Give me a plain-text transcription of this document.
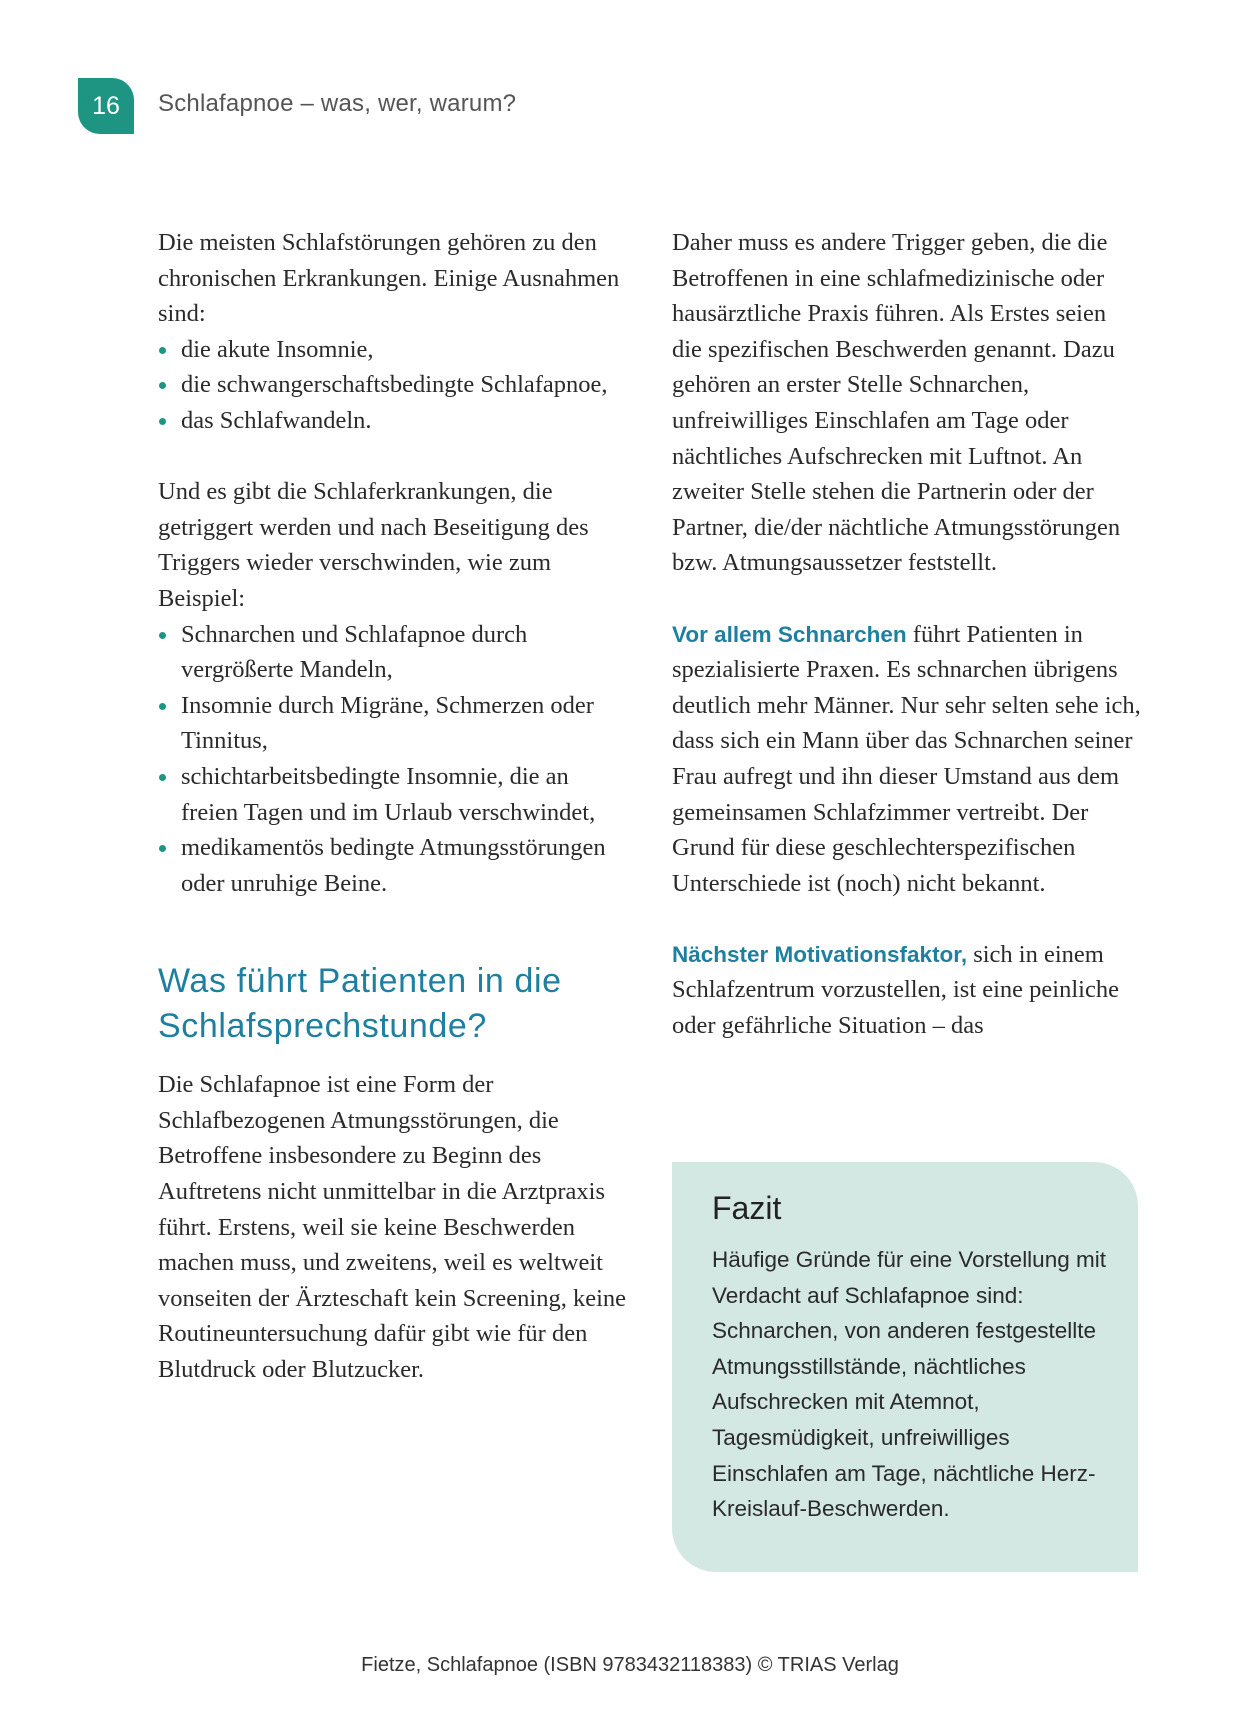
16 Schlafapnoe – was, wer, warum?

Die meisten Schlafstörungen gehören zu den chronischen Erkrankungen. Einige Ausnahmen sind:

die akute Insomnie,
die schwangerschaftsbedingte Schlafapnoe,
das Schlafwandeln.

Und es gibt die Schlaferkrankungen, die getriggert werden und nach Beseitigung des Triggers wieder verschwinden, wie zum Beispiel:

Schnarchen und Schlafapnoe durch vergrößerte Mandeln,
Insomnie durch Migräne, Schmerzen oder Tinnitus,
schichtarbeitsbedingte Insomnie, die an freien Tagen und im Urlaub verschwindet,
medikamentös bedingte Atmungsstörungen oder unruhige Beine.
Was führt Patienten in die Schlafsprechstunde?

Die Schlafapnoe ist eine Form der Schlafbezogenen Atmungsstörungen, die Betroffene insbesondere zu Beginn des Auftretens nicht unmittelbar in die Arztpraxis führt. Erstens, weil sie keine Beschwerden machen muss, und zweitens, weil es weltweit vonseiten der Ärzteschaft kein Screening, keine Routineuntersuchung dafür gibt wie für den Blutdruck oder Blutzucker.

Daher muss es andere Trigger geben, die die Betroffenen in eine schlafmedizinische oder hausärztliche Praxis führen. Als Erstes seien die spezifischen Beschwerden genannt. Dazu gehören an erster Stelle Schnarchen, unfreiwilliges Einschlafen am Tage oder nächtliches Aufschrecken mit Luftnot. An zweiter Stelle stehen die Partnerin oder der Partner, die/der nächtliche Atmungsstörungen bzw. Atmungsaussetzer feststellt.

Vor allem Schnarchen führt Patienten in spezialisierte Praxen. Es schnarchen übrigens deutlich mehr Männer. Nur sehr selten sehe ich, dass sich ein Mann über das Schnarchen seiner Frau aufregt und ihn dieser Umstand aus dem gemeinsamen Schlafzimmer vertreibt. Der Grund für diese geschlechterspezifischen Unterschiede ist (noch) nicht bekannt.

Nächster Motivationsfaktor, sich in einem Schlafzentrum vorzustellen, ist eine peinliche oder gefährliche Situation – das

Fazit
Häufige Gründe für eine Vorstellung mit Verdacht auf Schlafapnoe sind: Schnarchen, von anderen festgestellte Atmungsstillstände, nächtliches Aufschrecken mit Atemnot, Tagesmüdigkeit, unfreiwilliges Einschlafen am Tage, nächtliche Herz-Kreislauf-Beschwerden.
Fietze, Schlafapnoe (ISBN 9783432118383) © TRIAS Verlag
